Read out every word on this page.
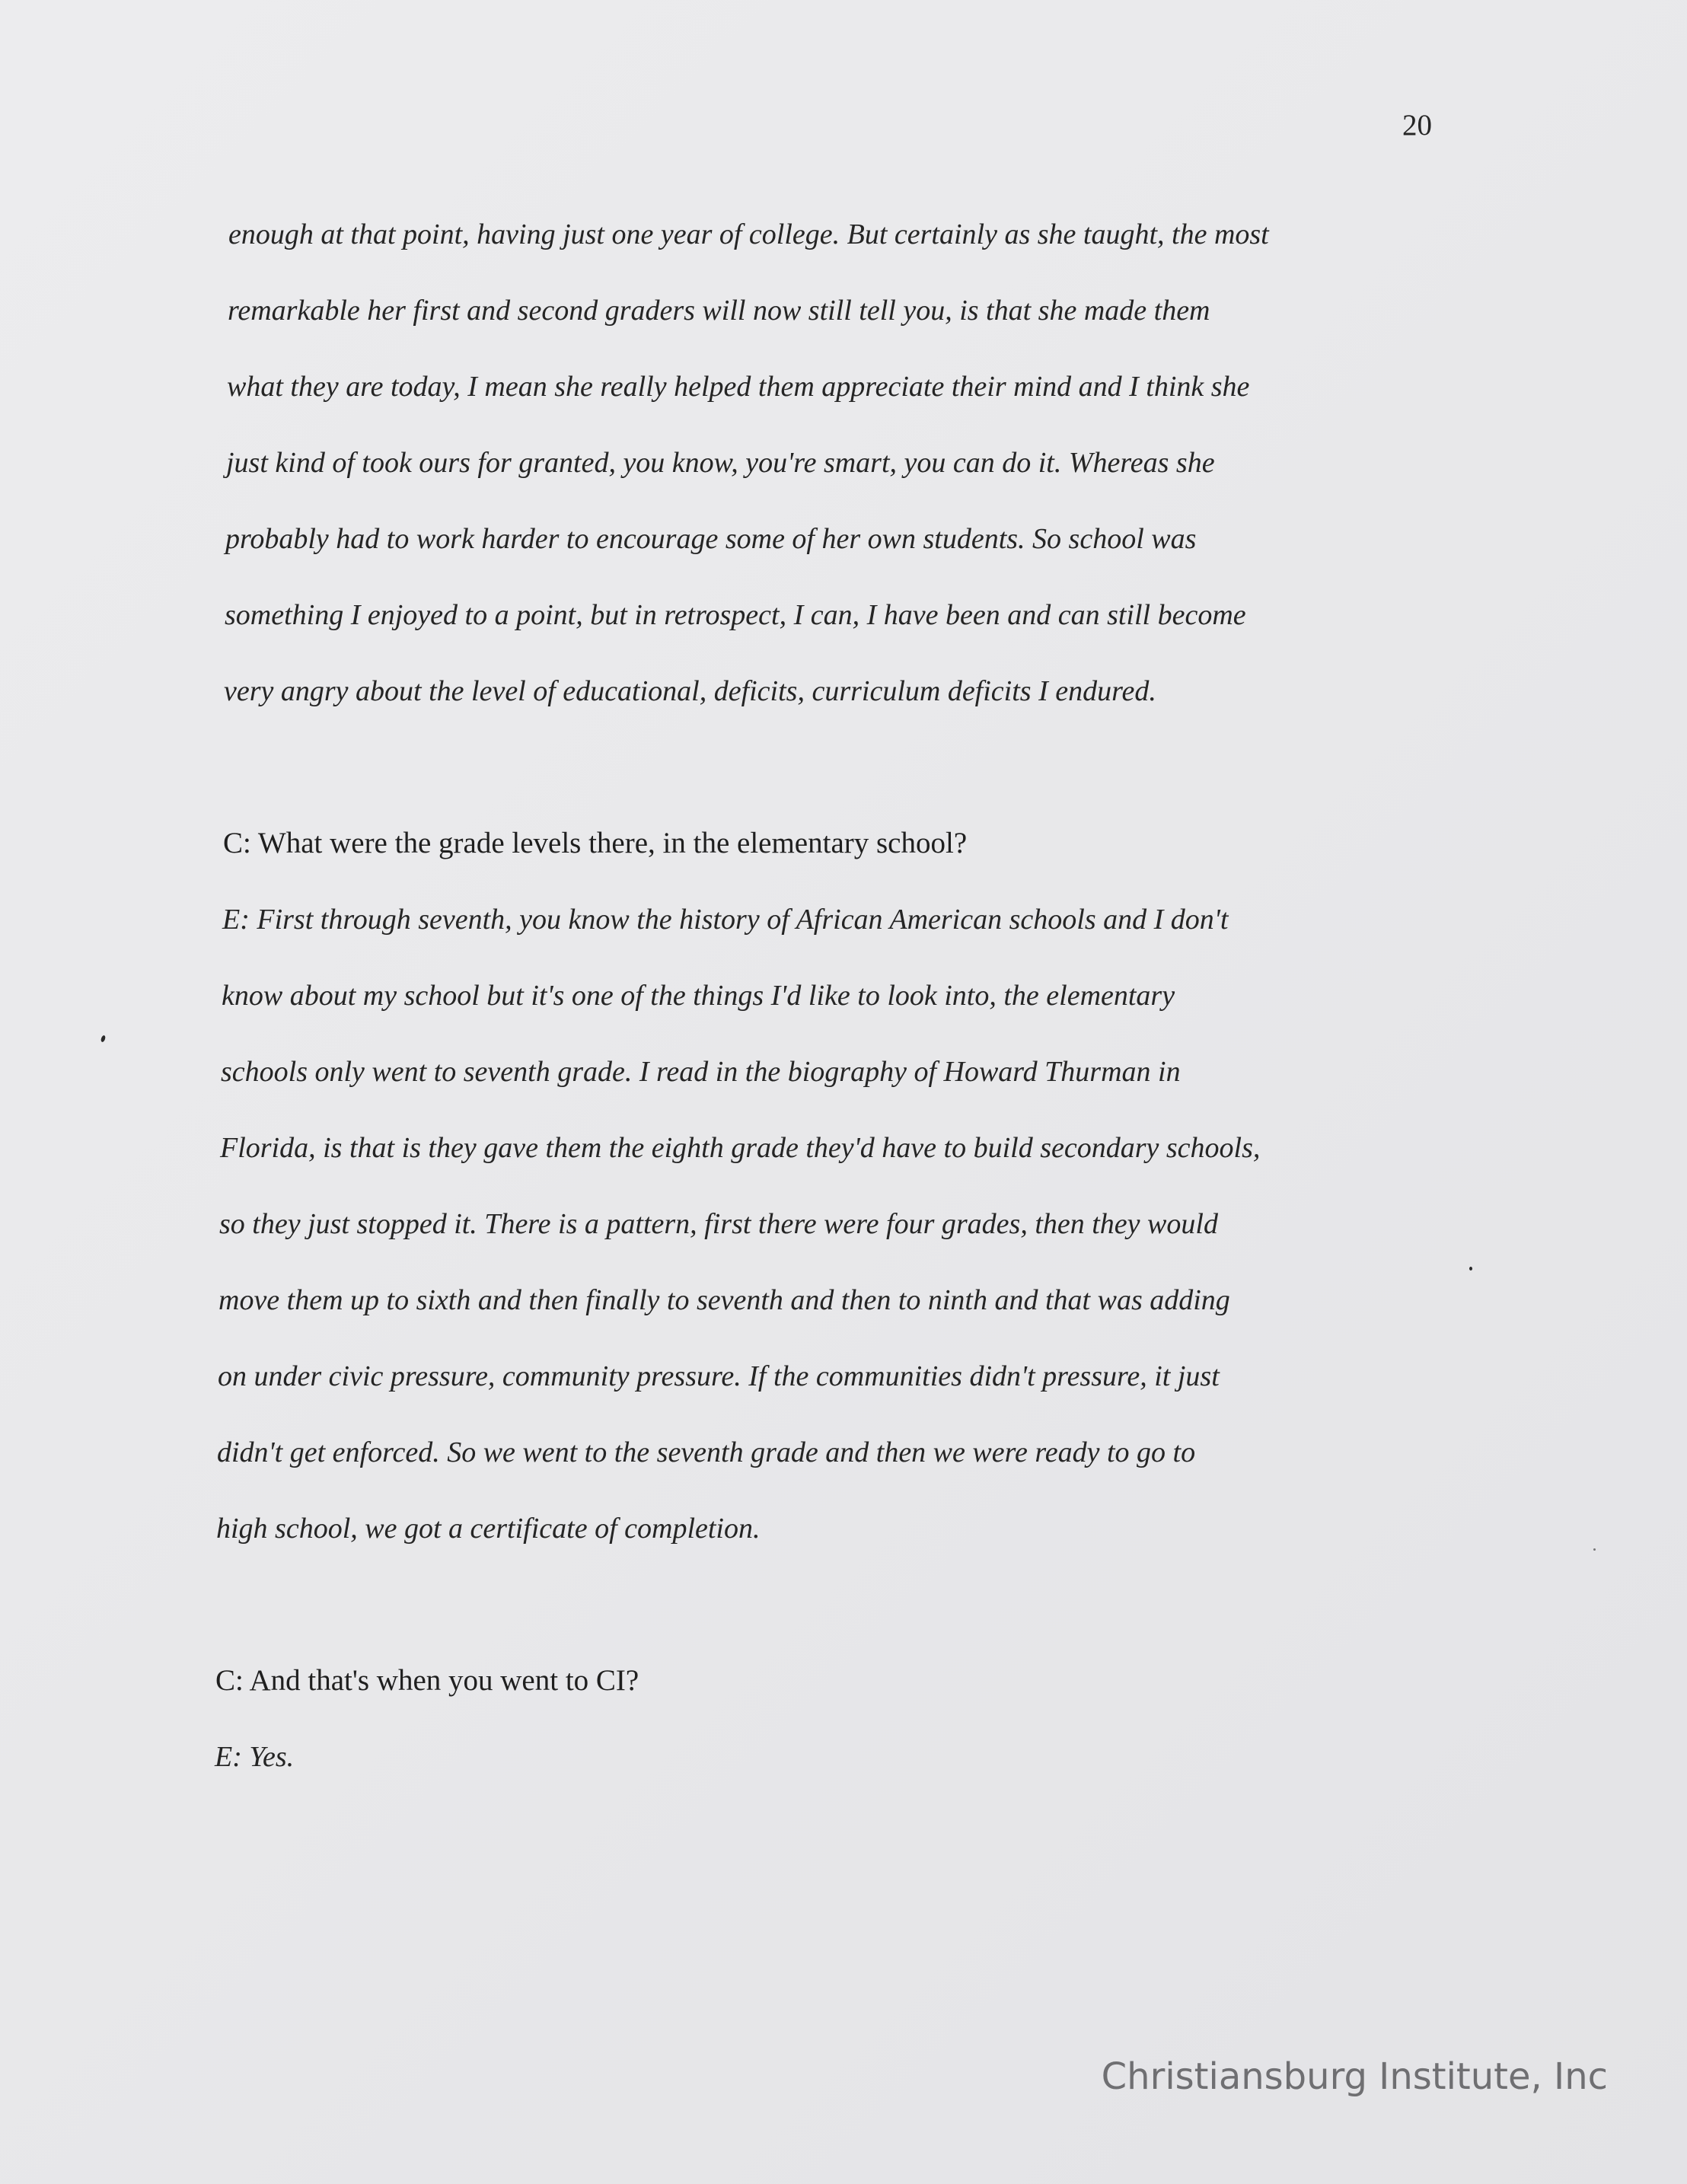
20
enough at that point, having just one year of college. But certainly as she taught, the most
remarkable her first and second graders will now still tell you, is that she made them
what they are today, I mean she really helped them appreciate their mind and I think she
just kind of took ours for granted, you know, you're smart, you can do it. Whereas she
probably had to work harder to encourage some of her own students. So school was
something I enjoyed to a point, but in retrospect, I can, I have been and can still become
very angry about the level of educational, deficits, curriculum deficits I endured.
C: What were the grade levels there, in the elementary school?
E: First through seventh, you know the history of African American schools and I don't
know about my school but it's one of the things I'd like to look into, the elementary
schools only went to seventh grade. I read in the biography of Howard Thurman in
Florida, is that is they gave them the eighth grade they'd have to build secondary schools,
so they just stopped it. There is a pattern, first there were four grades, then they would
move them up to sixth and then finally to seventh and then to ninth and that was adding
on under civic pressure, community pressure. If the communities didn't pressure, it just
didn't get enforced. So we went to the seventh grade and then we were ready to go to
high school, we got a certificate of completion.
C: And that's when you went to CI?
E: Yes.
Christiansburg Institute, Inc
